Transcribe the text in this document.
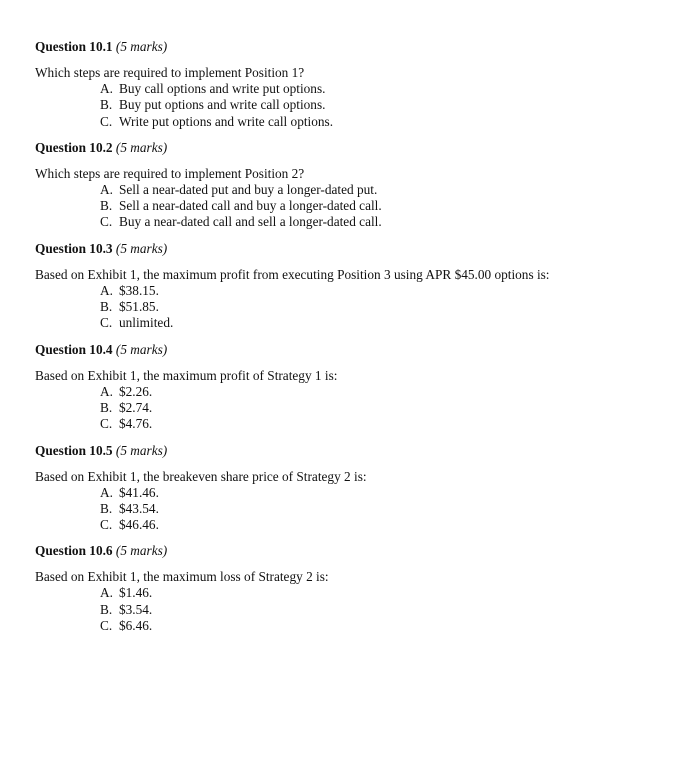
Question 10.1 (5 marks)
Which steps are required to implement Position 1?
A. Buy call options and write put options.
B. Buy put options and write call options.
C. Write put options and write call options.
Question 10.2 (5 marks)
Which steps are required to implement Position 2?
A. Sell a near-dated put and buy a longer-dated put.
B. Sell a near-dated call and buy a longer-dated call.
C. Buy a near-dated call and sell a longer-dated call.
Question 10.3 (5 marks)
Based on Exhibit 1, the maximum profit from executing Position 3 using APR $45.00 options is:
A. $38.15.
B. $51.85.
C. unlimited.
Question 10.4 (5 marks)
Based on Exhibit 1, the maximum profit of Strategy 1 is:
A. $2.26.
B. $2.74.
C. $4.76.
Question 10.5 (5 marks)
Based on Exhibit 1, the breakeven share price of Strategy 2 is:
A. $41.46.
B. $43.54.
C. $46.46.
Question 10.6 (5 marks)
Based on Exhibit 1, the maximum loss of Strategy 2 is:
A. $1.46.
B. $3.54.
C. $6.46.
